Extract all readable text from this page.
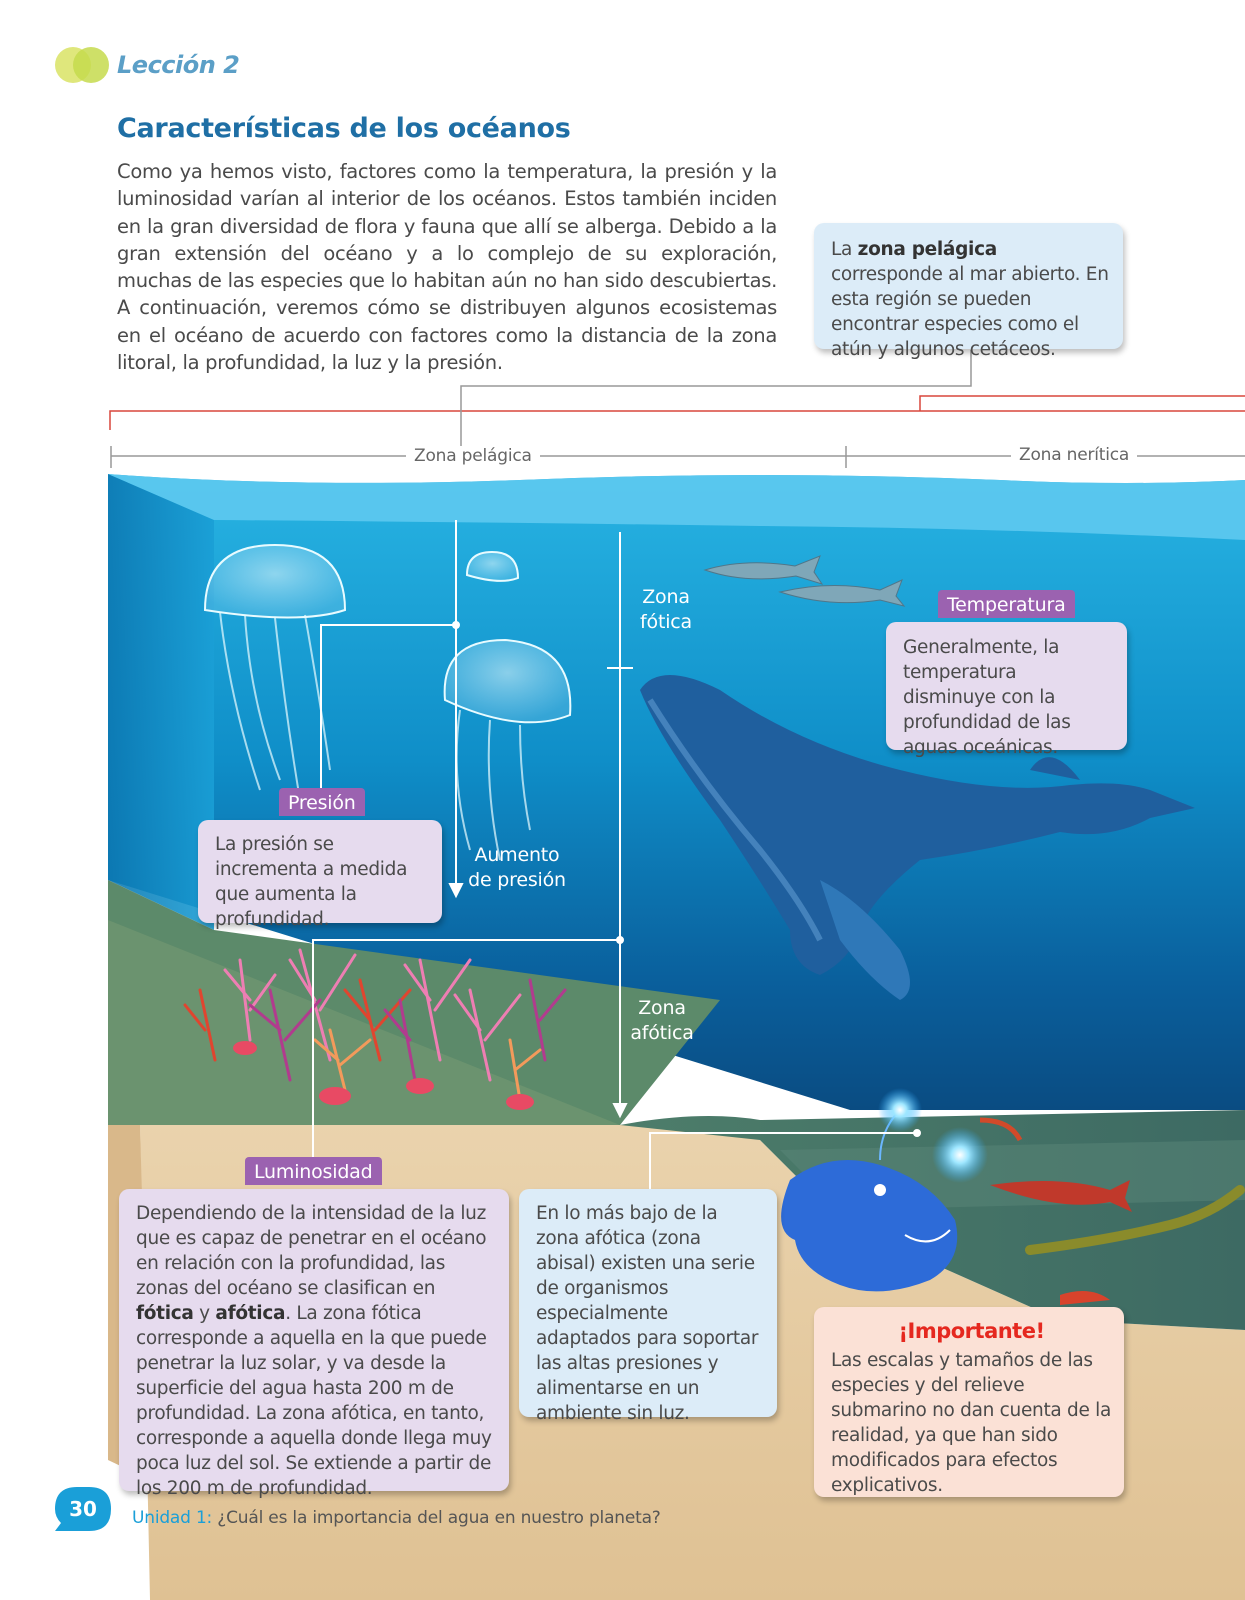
Lección 2
Características de los océanos

Como ya hemos visto, factores como la temperatura, la presión y la luminosidad varían al interior de los océanos. Estos también inciden en la gran diversidad de flora y fauna que allí se alberga. Debido a la gran extensión del océano y a lo complejo de su exploración, muchas de las especies que lo habitan aún no han sido descubiertas. A continuación, veremos cómo se distribuyen algunos ecosistemas en el océano de acuerdo con factores como la distancia de la zona litoral, la profundidad, la luz y la presión.

Zona pelágica	Zona nerítica
Zona
fótica
Zona
afótica
Aumento
de presión
La zona pelágica corresponde al mar abierto. En esta región se pueden encontrar especies como el atún y algunos cetáceos.
Temperatura
Generalmente, la temperatura disminuye con la profundidad de las aguas oceánicas.
Presión
La presión se incrementa a medida que aumenta la profundidad.
Luminosidad
Dependiendo de la intensidad de la luz que es capaz de penetrar en el océano en relación con la profundidad, las zonas del océano se clasifican en fótica y afótica. La zona fótica corresponde a aquella en la que puede penetrar la luz solar, y va desde la superficie del agua hasta 200 m de profundidad. La zona afótica, en tanto, corresponde a aquella donde llega muy poca luz del sol. Se extiende a partir de los 200 m de profundidad.
En lo más bajo de la zona afótica (zona abisal) existen una serie de organismos especialmente adaptados para soportar las altas presiones y alimentarse en un ambiente sin luz.
¡Importante!
Las escalas y tamaños de las especies y del relieve submarino no dan cuenta de la realidad, ya que han sido modificados para efectos explicativos.
30 Unidad 1: ¿Cuál es la importancia del agua en nuestro planeta?
